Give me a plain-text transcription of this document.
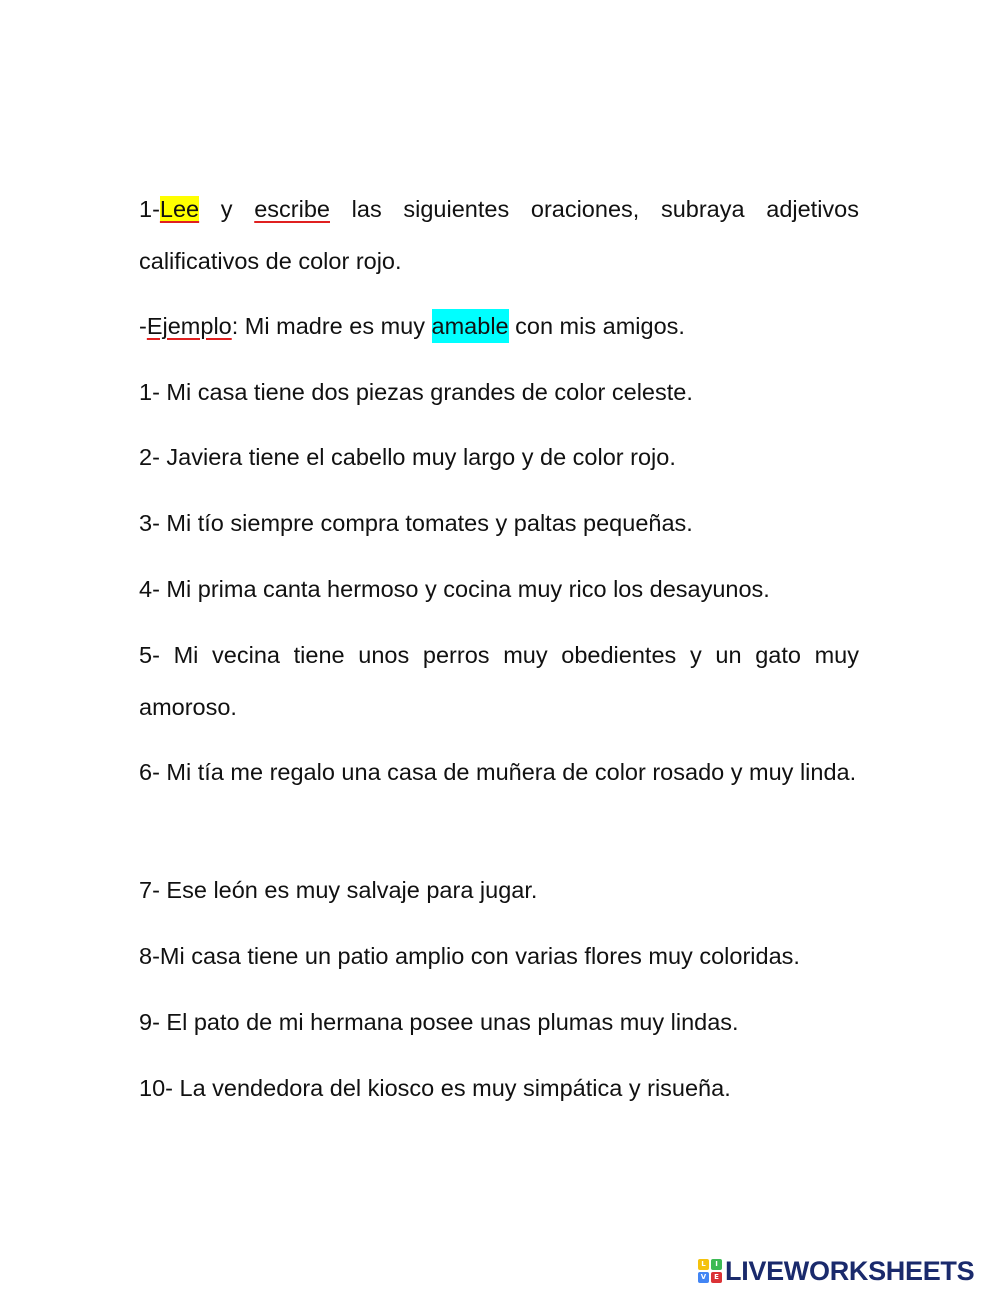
1-Lee y escribe las siguientes oraciones, subraya adjetivos calificativos de color rojo.

-Ejemplo: Mi madre es muy amable con mis amigos.

1- Mi casa tiene dos piezas grandes de color celeste.

2- Javiera tiene el cabello muy largo y de color rojo.

3- Mi tío siempre compra tomates y paltas pequeñas.

4- Mi prima canta hermoso y cocina muy rico los desayunos.

5- Mi vecina tiene unos perros muy obedientes y un gato muy amoroso.

6- Mi tía me regalo una casa de muñera de color rosado y muy linda.

7- Ese león es muy salvaje para jugar.

8-Mi casa tiene un patio amplio con varias flores muy coloridas.

9- El pato de mi hermana posee unas plumas muy lindas.

10- La vendedora del kiosco es muy simpática y risueña.

L	I
V	E LIVEWORKSHEETS
